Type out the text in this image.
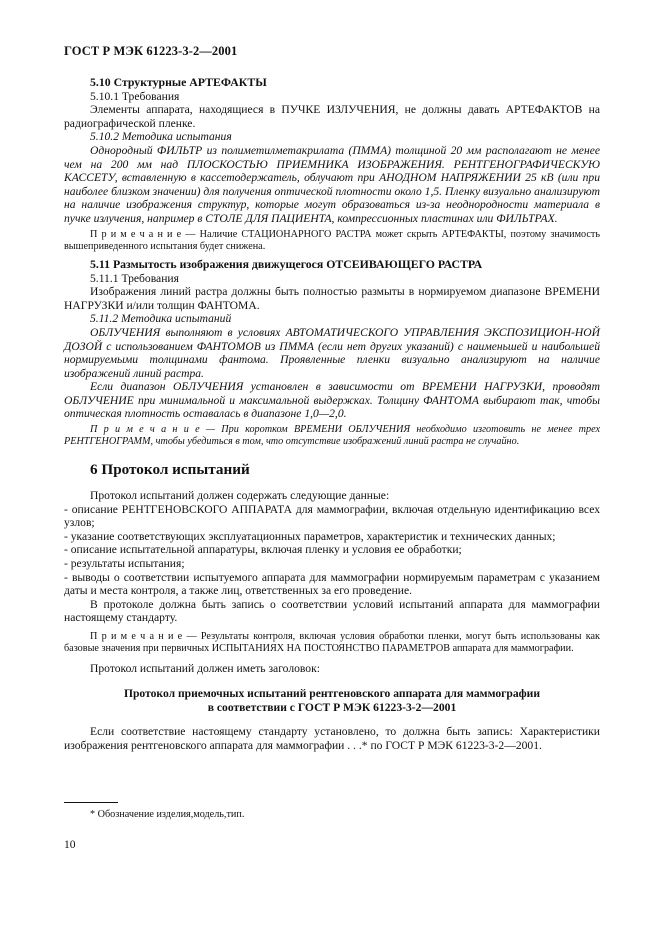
ГОСТ Р МЭК 61223-3-2—2001

5.10 Структурные АРТЕФАКТЫ

5.10.1 Требования

Элементы аппарата, находящиеся в ПУЧКЕ ИЗЛУЧЕНИЯ, не должны давать АРТЕФАКТОВ на радиографической пленке.

5.10.2 Методика испытания

Однородный ФИЛЬТР из полиметилметакрилата (ПММА) толщиной 20 мм располагают не менее чем на 200 мм над ПЛОСКОСТЬЮ ПРИЕМНИКА ИЗОБРАЖЕНИЯ. РЕНТГЕНОГРАФИЧЕСКУЮ КАССЕТУ, вставленную в кассетодержатель, облучают при АНОДНОМ НАПРЯЖЕНИИ 25 кВ (или при наиболее близком значении) для получения оптической плотности около 1,5. Пленку визуально анализируют на наличие изображения структур, которые могут образоваться из-за неоднородности материала в пучке излучения, например в СТОЛЕ ДЛЯ ПАЦИЕНТА, компрессионных пластинах или ФИЛЬТРАХ.

П р и м е ч а н и е — Наличие СТАЦИОНАРНОГО РАСТРА может скрыть АРТЕФАКТЫ, поэтому значимость вышеприведенного испытания будет снижена.

5.11 Размытость изображения движущегося ОТСЕИВАЮЩЕГО РАСТРА

5.11.1 Требования

Изображения линий растра должны быть полностью размыты в нормируемом диапазоне ВРЕМЕНИ НАГРУЗКИ и/или толщин ФАНТОМА.

5.11.2 Методика испытаний

ОБЛУЧЕНИЯ выполняют в условиях АВТОМАТИЧЕСКОГО УПРАВЛЕНИЯ ЭКСПОЗИЦИОН-НОЙ ДОЗОЙ с использованием ФАНТОМОВ из ПММА (если нет других указаний) с наименьшей и наибольшей нормируемыми толщинами фантома. Проявленные пленки визуально анализируют на наличие изображений линий растра.

Если диапазон ОБЛУЧЕНИЯ установлен в зависимости от ВРЕМЕНИ НАГРУЗКИ, проводят ОБЛУЧЕНИЕ при минимальной и максимальной выдержках. Толщину ФАНТОМА выбирают так, чтобы оптическая плотность оставалась в диапазоне 1,0—2,0.

П р и м е ч а н и е — При коротком ВРЕМЕНИ ОБЛУЧЕНИЯ необходимо изготовить не менее трех РЕНТГЕНОГРАММ, чтобы убедиться в том, что отсутствие изображений линий растра не случайно.

6 Протокол испытаний

Протокол испытаний должен содержать следующие данные:

- описание РЕНТГЕНОВСКОГО АППАРАТА для маммографии, включая отдельную идентификацию всех узлов;

- указание соответствующих эксплуатационных параметров, характеристик и технических данных;

- описание испытательной аппаратуры, включая пленку и условия ее обработки;

- результаты испытания;

- выводы о соответствии испытуемого аппарата для маммографии нормируемым параметрам с указанием даты и места контроля, а также лиц, ответственных за его проведение.

В протоколе должна быть запись о соответствии условий испытаний аппарата для маммографии настоящему стандарту.

П р и м е ч а н и е — Результаты контроля, включая условия обработки пленки, могут быть использованы как базовые значения при первичных ИСПЫТАНИЯХ НА ПОСТОЯНСТВО ПАРАМЕТРОВ аппарата для маммографии.

Протокол испытаний должен иметь заголовок:

Протокол приемочных испытаний рентгеновского аппарата для маммографии

в соответствии с ГОСТ Р МЭК 61223-3-2—2001

Если соответствие настоящему стандарту установлено, то должна быть запись: Характеристики изображения рентгеновского аппарата для маммографии . . .* по ГОСТ Р МЭК 61223-3-2—2001.

* Обозначение изделия,модель,тип.
10
